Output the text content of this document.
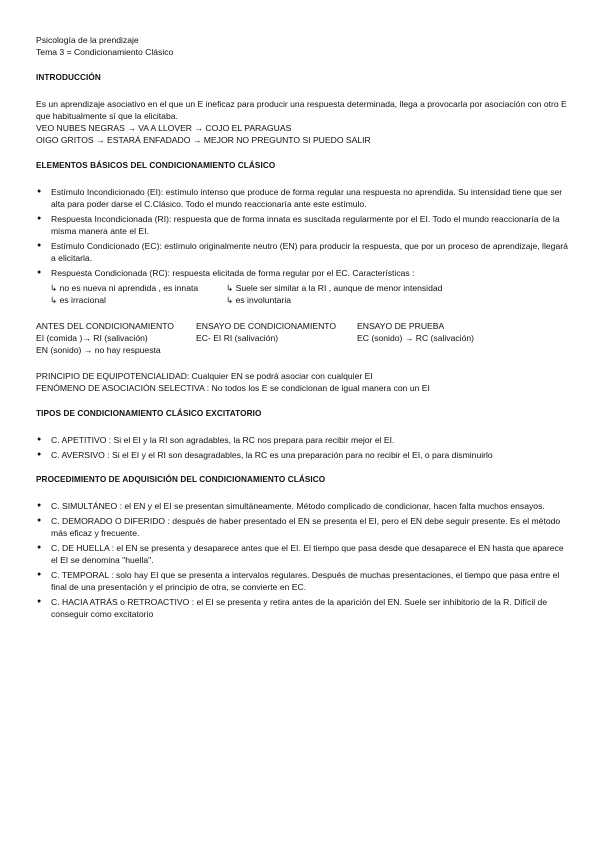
Psicología de la prendizaje
Tema 3 = Condicionamiento Clásico
INTRODUCCIÓN
Es un aprendizaje asociativo en el que un E ineficaz para producir una respuesta determinada, llega a provocarla por asociación con otro E que habitualmente sí que la elicitaba.
VEO NUBES NEGRAS → VA A LLOVER → COJO EL PARAGUAS
OIGO GRITOS → ESTARÁ ENFADADO → MEJOR NO PREGUNTO SI PUEDO SALIR
ELEMENTOS BÁSICOS DEL CONDICIONAMIENTO CLÁSICO
● Estímulo Incondicionado (EI): estímulo intenso que produce de forma regular una respuesta no aprendida. Su intensidad tiene que ser alta para poder darse el C.Clásico. Todo el mundo reaccionaría ante este estímulo.
● Respuesta Incondicionada (RI): respuesta que de forma innata es suscitada regularmente por el EI. Todo el mundo reaccionaría de la misma manera ante el EI.
● Estímulo Condicionado (EC): estímulo originalmente neutro (EN) para producir la respuesta, que por un proceso de aprendizaje, llegará a elicitarla.
● Respuesta Condicionada (RC): respuesta elicitada de forma regular por el EC. Características :
↳ no es nueva ni aprendida , es innata	↳ Suele ser similar a la RI , aunque de menor intensidad
↳ es irracional	↳ es involuntaria
ANTES DEL CONDICIONAMIENTO	ENSAYO DE CONDICIONAMIENTO	ENSAYO DE PRUEBA
EI (comida )→ RI (salivación)	EC- EI RI (salivación)	EC (sonido) → RC (salivación)
EN (sonido) → no hay respuesta
PRINCIPIO DE EQUIPOTENCIALIDAD: Cualquier EN se podrá asociar con cualquier EI
FENÓMENO DE ASOCIACIÓN SELECTIVA : No todos los E se condicionan de igual manera con un EI
TIPOS DE CONDICIONAMIENTO CLÁSICO EXCITATORIO
● C. APETITIVO : Si el EI y la RI son agradables, la RC nos prepara para recibir mejor el EI.
● C. AVERSIVO : Si el EI y el RI son desagradables, la RC es una preparación para no recibir el EI, o para disminuirlo
PROCEDIMIENTO DE ADQUISICIÓN DEL CONDICIONAMIENTO CLÁSICO
● C. SIMULTÁNEO : el EN y el EI se presentan simultáneamente. Método complicado de condicionar, hacen falta muchos ensayos.
● C. DEMORADO O DIFERIDO : después de haber presentado el EN se presenta el EI, pero el EN debe seguir presente. Es el método más eficaz y frecuente.
● C. DE HUELLA : el EN se presenta y desaparece antes que el EI. El tiempo que pasa desde que desaparece el EN hasta que aparece el EI se denomina "huella".
● C. TEMPORAL : solo hay EI que se presenta a intervalos regulares. Después de muchas presentaciones, el tiempo que pasa entre el final de una presentación y el principio de otra, se convierte en EC.
● C. HACIA ATRÁS o RETROACTIVO : el EI se presenta y retira antes de la aparición del EN. Suele ser inhibitorio de la R. Difícil de conseguir como excitatorio
